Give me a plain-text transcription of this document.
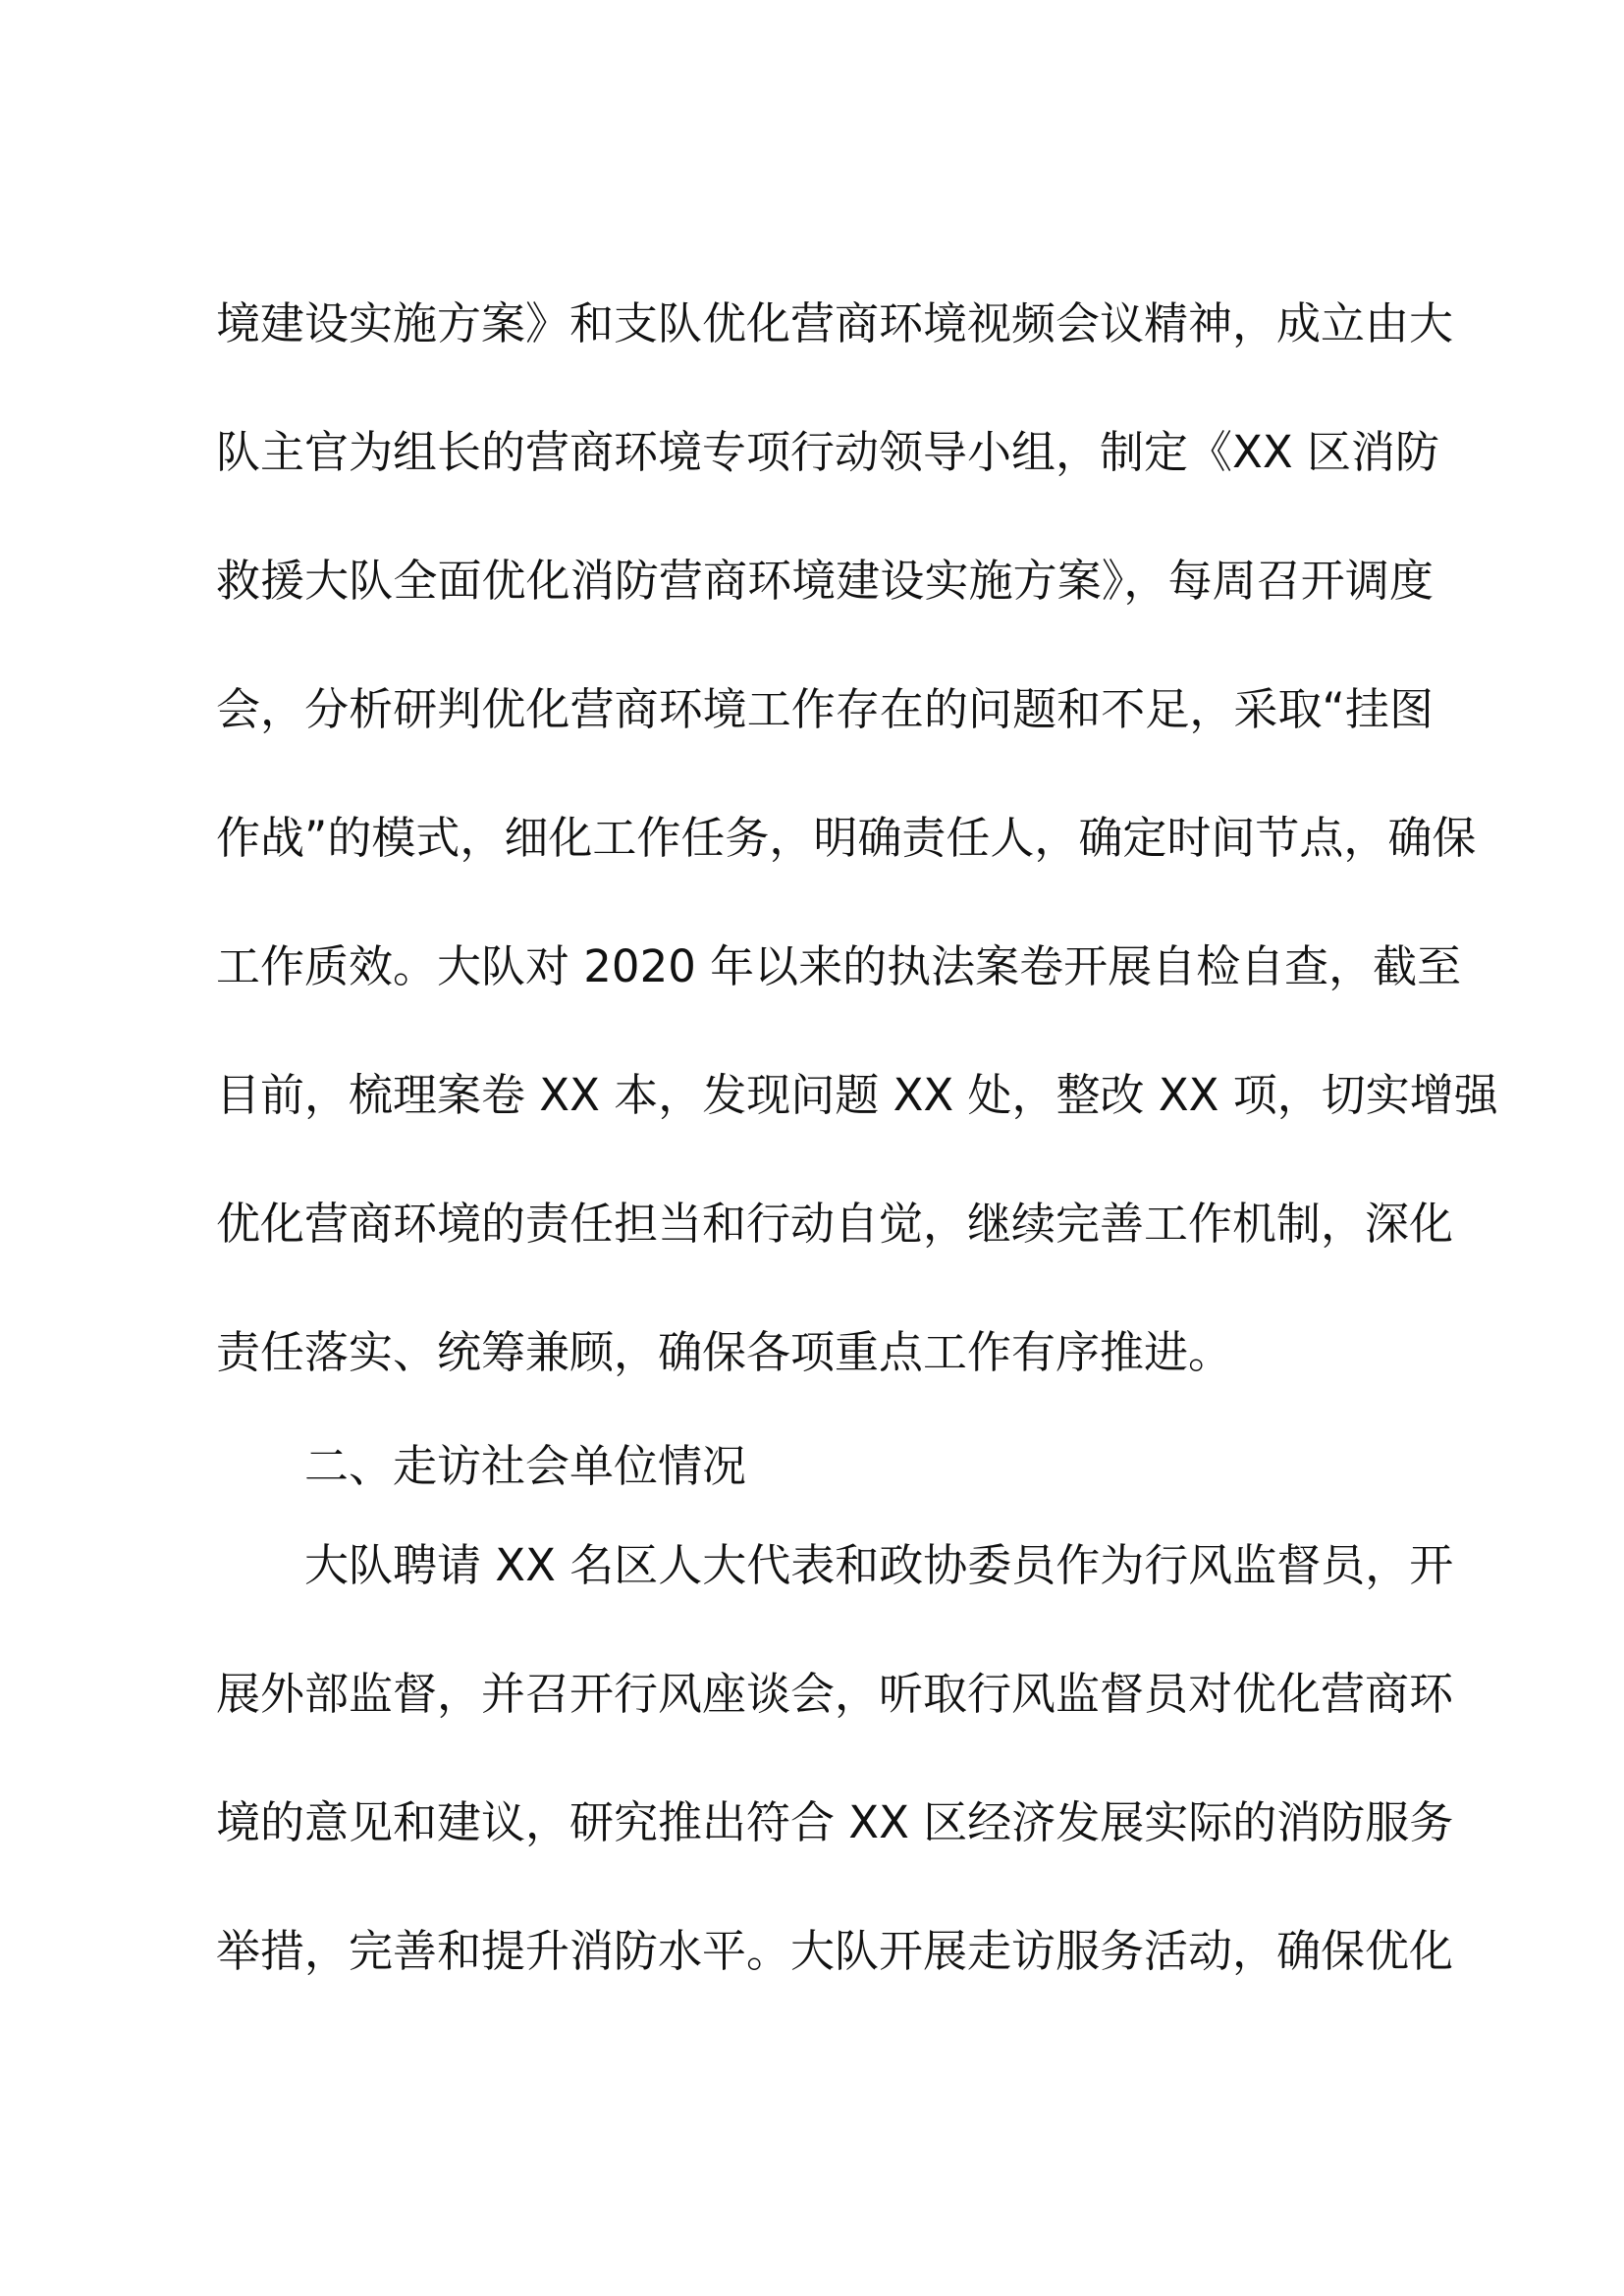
境建设实施方案》和支队优化营商环境视频会议精神，成立由大
队主官为组长的营商环境专项行动领导小组，制定《XX 区消防
救援大队全面优化消防营商环境建设实施方案》，每周召开调度
会，分析研判优化营商环境工作存在的问题和不足，采取“挂图
作战”的模式，细化工作任务，明确责任人，确定时间节点，确保
工作质效。大队对 2020 年以来的执法案卷开展自检自查，截至
目前，梳理案卷 XX 本，发现问题 XX 处，整改 XX 项，切实增强
优化营商环境的责任担当和行动自觉，继续完善工作机制，深化
责任落实、统筹兼顾，确保各项重点工作有序推进。
二、走访社会单位情况
大队聘请 XX 名区人大代表和政协委员作为行风监督员，开
展外部监督，并召开行风座谈会，听取行风监督员对优化营商环
境的意见和建议，研究推出符合 XX 区经济发展实际的消防服务
举措，完善和提升消防水平。大队开展走访服务活动，确保优化
